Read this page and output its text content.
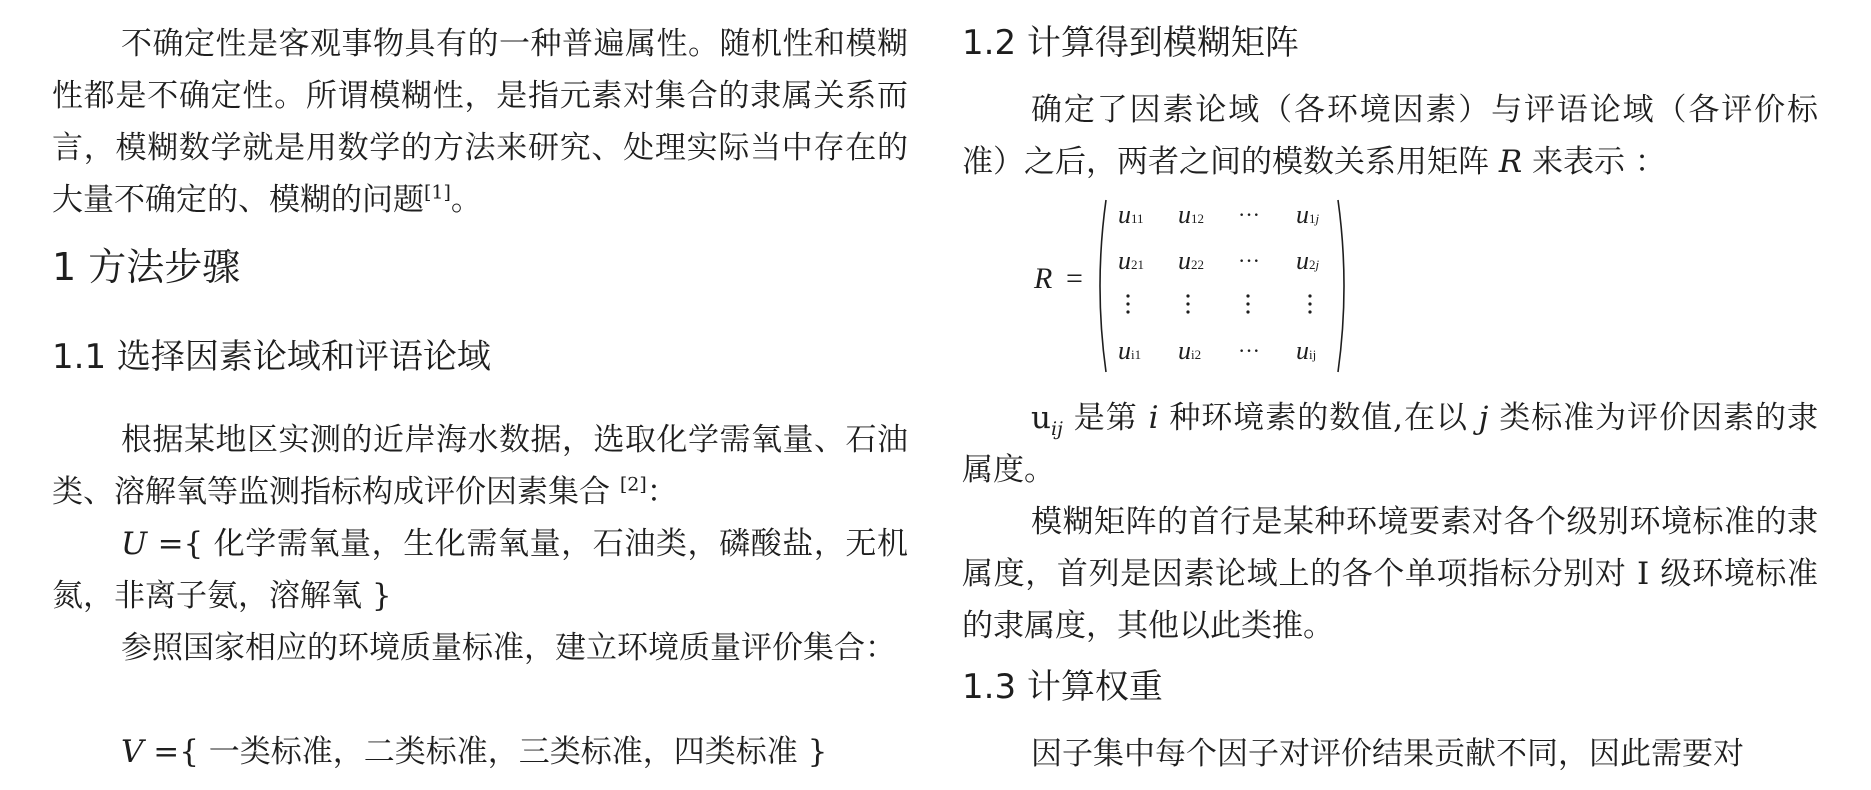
不确定性是客观事物具有的一种普遍属性。随机性和模糊性都是不确定性。所谓模糊性，是指元素对集合的隶属关系而言，模糊数学就是用数学的方法来研究、处理实际当中存在的大量不确定的、模糊的问题[1]。

1 方法步骤
1.1 选择因素论域和评语论域

根据某地区实测的近岸海水数据，选取化学需氧量、石油类、溶解氧等监测指标构成评价因素集合 [2]：

U ={ 化学需氧量，生化需氧量，石油类，磷酸盐，无机氮，非离子氨，溶解氧 }

参照国家相应的环境质量标准，建立环境质量评价集合：

V ={ 一类标准，二类标准，三类标准，四类标准 }

1.2 计算得到模糊矩阵

确定了因素论域（各环境因素）与评语论域（各评价标准）之后，两者之间的模数关系用矩阵 R 来表示 ：

R =
u11 u12 ··· u1j
u21 u22 ··· u2j
ui1 ui2 ··· uij

$u_{ij}$ 是第 i 种环境素的数值,在以 j 类标准为评价因素的隶属度。

模糊矩阵的首行是某种环境要素对各个级别环境标准的隶属度，首列是因素论域上的各个单项指标分别对 Ⅰ 级环境标准的隶属度，其他以此类推。

1.3 计算权重

因子集中每个因子对评价结果贡献不同，因此需要对
